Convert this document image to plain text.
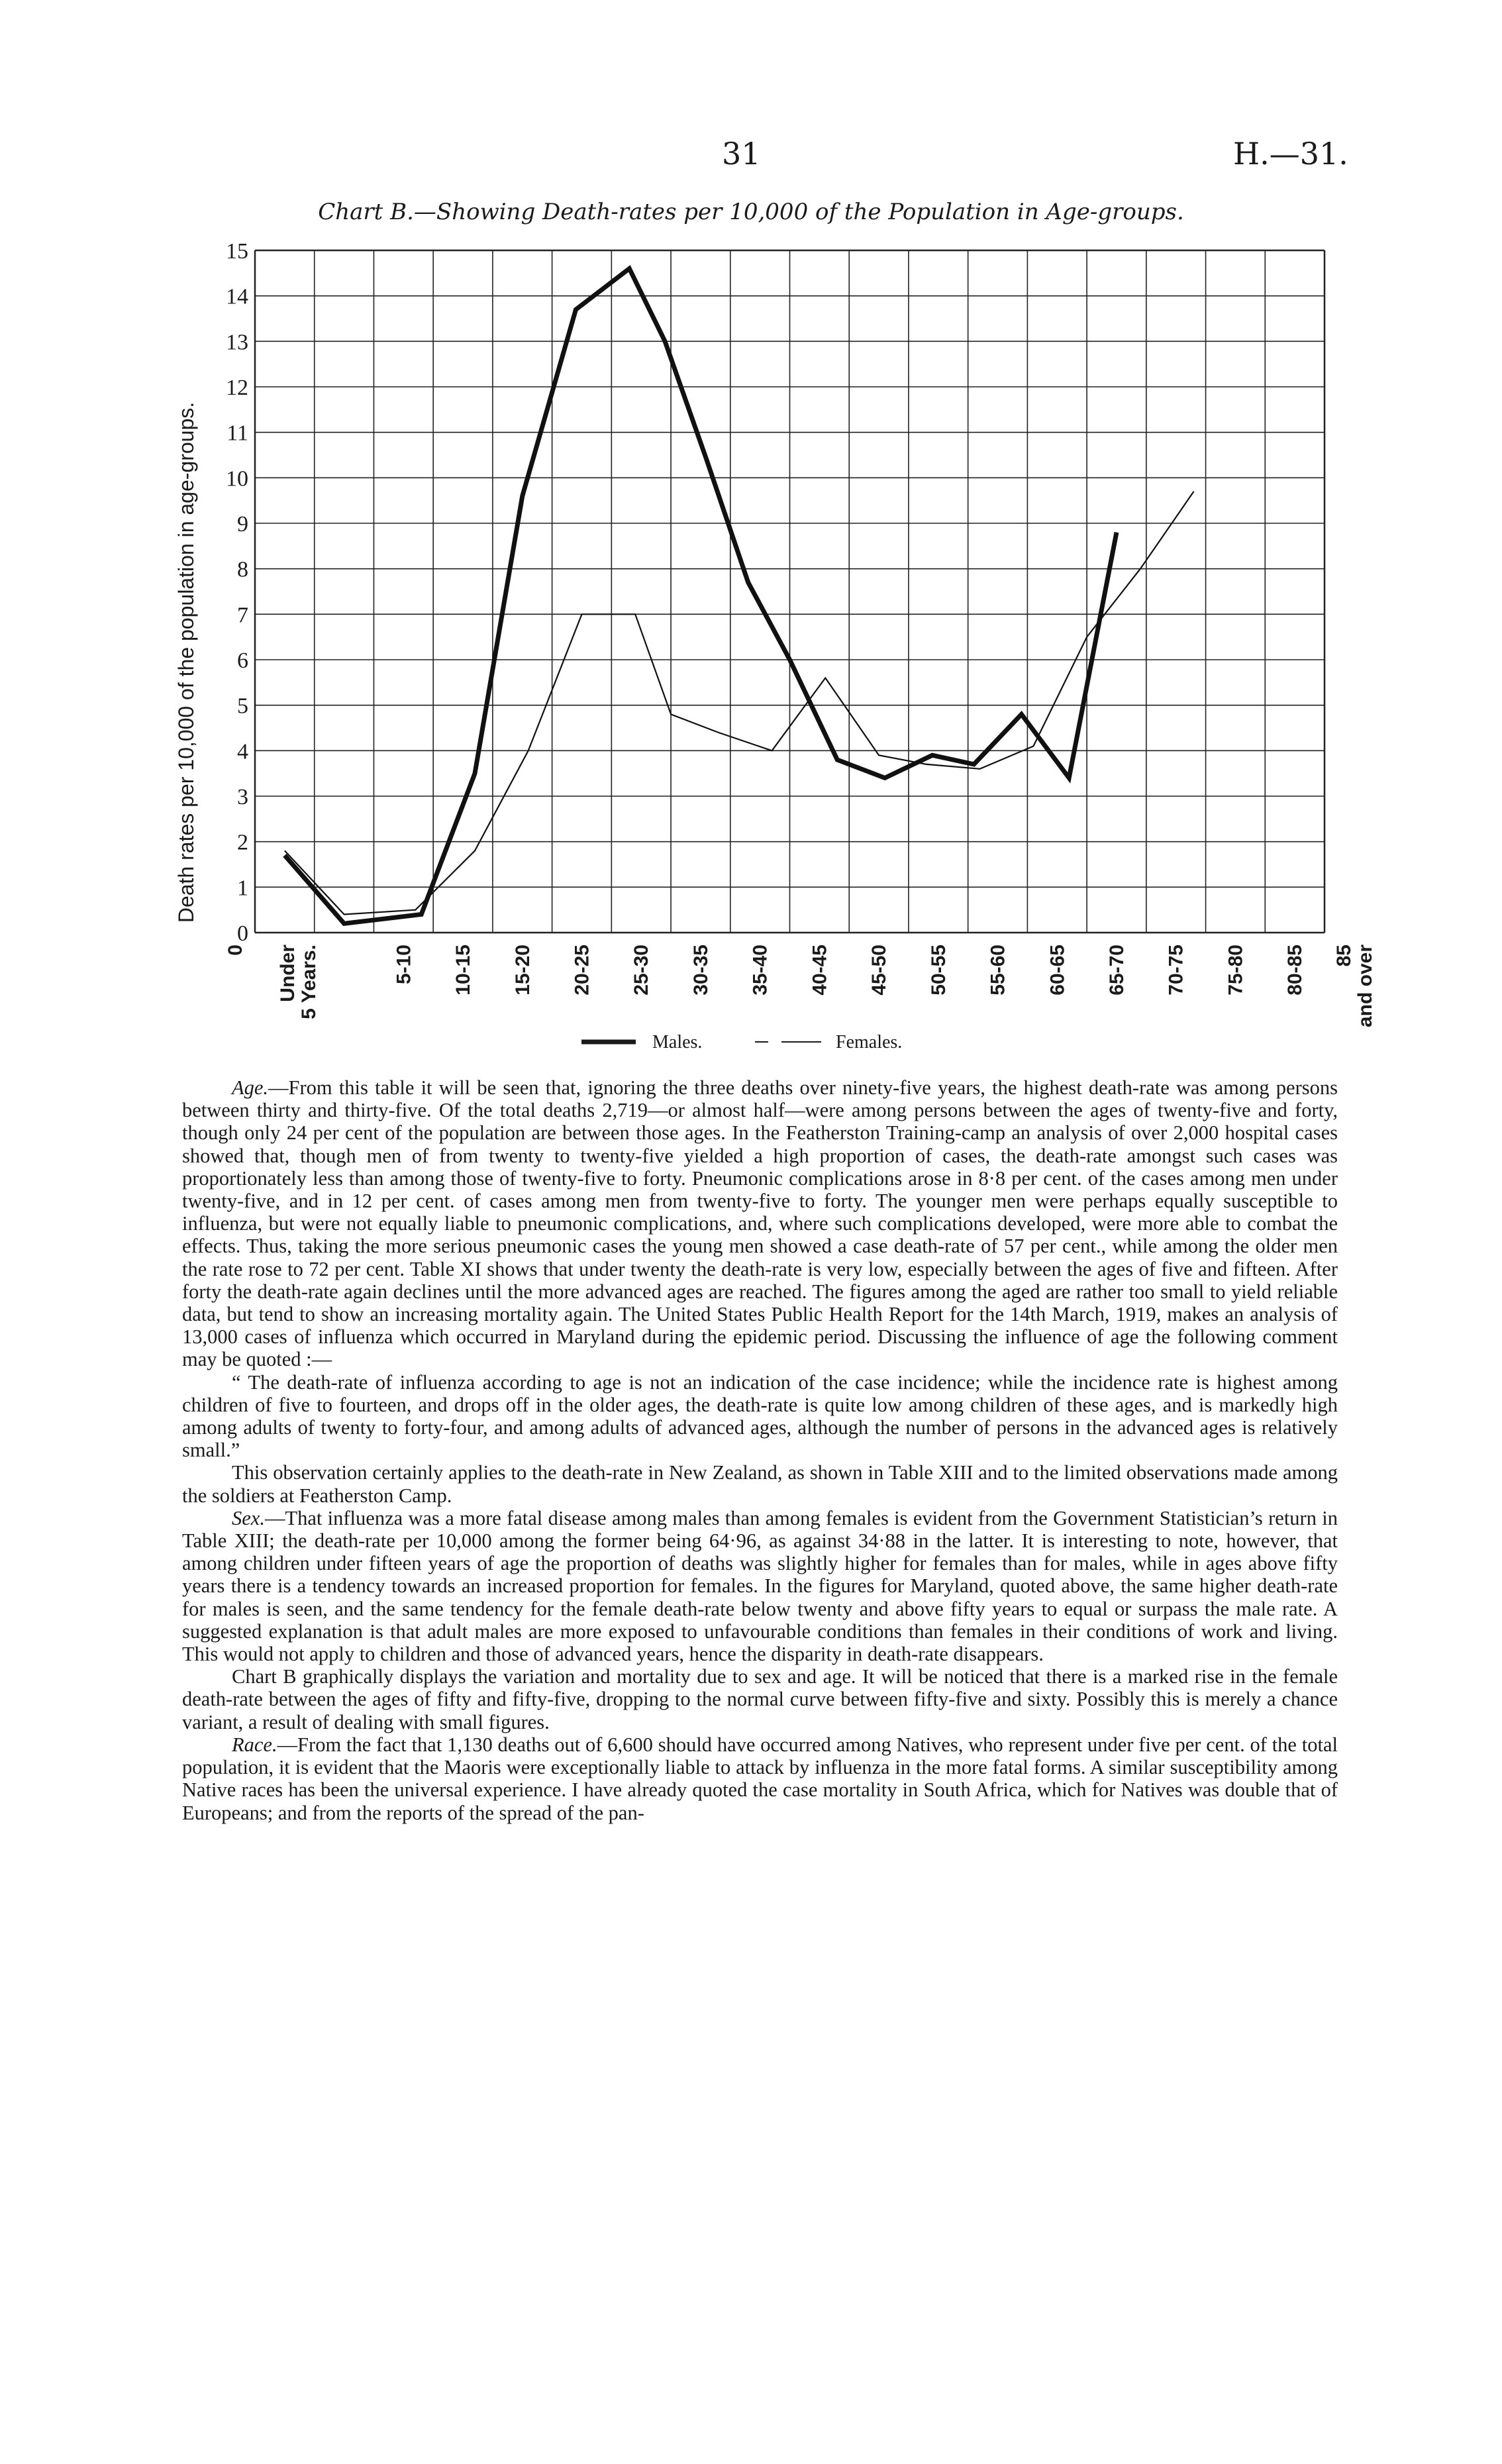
31	H.—31.
Chart B.—Showing Death-rates per 10,000 of the Population in Age-groups.
0
1
2
3
4
5
6
7
8
9
10
11
12
13
14
15
0 Under 5 Years.	5-10 10-15 15-20 20-25 25-30 30-35 35-40 40-45 45-50 50-55 55-60 60-65 65-70 70-75 75-80 80-85 85 and over
Death rates per 10,000 of the population in age-groups.
Males.	Females.

Age.—From this table it will be seen that, ignoring the three deaths over ninety-five years, the highest death-rate was among persons between thirty and thirty-five. Of the total deaths 2,719—or almost half—were among persons between the ages of twenty-five and forty, though only 24 per cent of the population are between those ages. In the Featherston Training-camp an analysis of over 2,000 hospital cases showed that, though men of from twenty to twenty-five yielded a high proportion of cases, the death-rate amongst such cases was proportionately less than among those of twenty-five to forty. Pneumonic complications arose in 8·8 per cent. of the cases among men under twenty-five, and in 12 per cent. of cases among men from twenty-five to forty. The younger men were perhaps equally susceptible to influenza, but were not equally liable to pneumonic complications, and, where such complications developed, were more able to combat the effects. Thus, taking the more serious pneumonic cases the young men showed a case death-rate of 57 per cent., while among the older men the rate rose to 72 per cent. Table XI shows that under twenty the death-rate is very low, especially between the ages of five and fifteen. After forty the death-rate again declines until the more advanced ages are reached. The figures among the aged are rather too small to yield reliable data, but tend to show an increasing mortality again. The United States Public Health Report for the 14th March, 1919, makes an analysis of 13,000 cases of influenza which occurred in Maryland during the epidemic period. Discussing the influence of age the following comment may be quoted :—

“ The death-rate of influenza according to age is not an indication of the case incidence; while the incidence rate is highest among children of five to fourteen, and drops off in the older ages, the death-rate is quite low among children of these ages, and is markedly high among adults of twenty to forty-four, and among adults of advanced ages, although the number of persons in the advanced ages is relatively small.”

This observation certainly applies to the death-rate in New Zealand, as shown in Table XIII and to the limited observations made among the soldiers at Featherston Camp.

Sex.—That influenza was a more fatal disease among males than among females is evident from the Government Statistician’s return in Table XIII; the death-rate per 10,000 among the former being 64·96, as against 34·88 in the latter. It is interesting to note, however, that among children under fifteen years of age the proportion of deaths was slightly higher for females than for males, while in ages above fifty years there is a tendency towards an increased proportion for females. In the figures for Maryland, quoted above, the same higher death-rate for males is seen, and the same tendency for the female death-rate below twenty and above fifty years to equal or surpass the male rate. A suggested explanation is that adult males are more exposed to unfavourable conditions than females in their conditions of work and living. This would not apply to children and those of advanced years, hence the disparity in death-rate disappears.

Chart B graphically displays the variation and mortality due to sex and age. It will be noticed that there is a marked rise in the female death-rate between the ages of fifty and fifty-five, dropping to the normal curve between fifty-five and sixty. Possibly this is merely a chance variant, a result of dealing with small figures.

Race.—From the fact that 1,130 deaths out of 6,600 should have occurred among Natives, who represent under five per cent. of the total population, it is evident that the Maoris were exceptionally liable to attack by influenza in the more fatal forms. A similar susceptibility among Native races has been the universal experience. I have already quoted the case mortality in South Africa, which for Natives was double that of Europeans; and from the reports of the spread of the pan-
